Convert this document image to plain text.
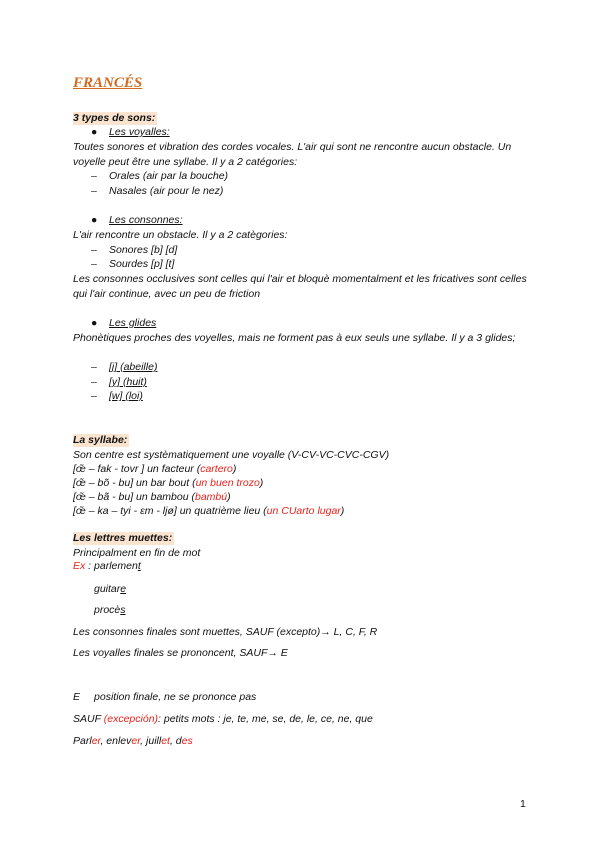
FRANCÉS
3 types de sons:
● Les voyalles:
Toutes sonores et vibration des cordes vocales. L'air qui sont ne rencontre aucun obstacle. Un voyelle peut être une syllabe. Il y a 2 catégories:
– Orales (air par la bouche)
– Nasales (air pour le nez)
● Les consonnes:
L'air rencontre un obstacle. Il y a 2 catègories:
– Sonores [b] [d]
– Sourdes [p] [t]
Les consonnes occlusives sont celles qui l'air et bloquè momentalment et les fricatives sont celles qui l'air continue, avec un peu de friction
● Les glides
Phonètiques proches des voyelles, mais ne forment pas à eux seuls une syllabe. Il y a 3 glides;
– [j] (abeille)
– [y] (huit)
– [w] (loi)
La syllabe:
Son centre est systèmatiquement une voyalle (V-CV-VC-CVC-CGV)
[œ̃ – fak - tovr ] un facteur (cartero)
[œ̃ – bõ - bu] un bar bout (un buen trozo)
[œ̃ – bã - bu] un bambou (bambú)
[œ̃ – ka – tyi - εm - ljø] un quatrième lieu (un CUarto lugar)
Les lettres muettes:
Principalment en fin de mot
Ex : parlement
guitare
procès
Les consonnes finales sont muettes, SAUF (excepto)→ L, C, F, R
Les voyalles finales se prononcent, SAUF→ E
E position finale, ne se prononce pas
SAUF (excepción): petits mots : je, te, me, se, de, le, ce, ne, que
Parler, enlever, juillet, des
1
